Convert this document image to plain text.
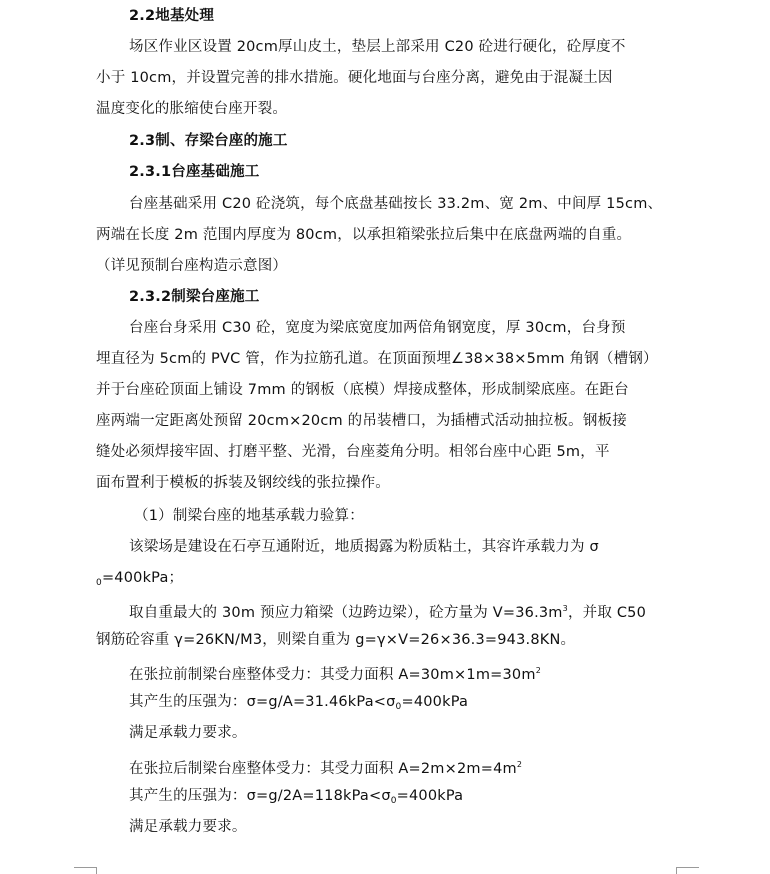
2.2地基处理
场区作业区设置 20cm厚山皮土，垫层上部采用 C20 砼进行硬化，砼厚度不
小于 10cm，并设置完善的排水措施。硬化地面与台座分离，避免由于混凝土因
温度变化的胀缩使台座开裂。
2.3制、存梁台座的施工
2.3.1台座基础施工
台座基础采用 C20 砼浇筑，每个底盘基础按长 33.2m、宽 2m、中间厚 15cm、
两端在长度 2m 范围内厚度为 80cm，以承担箱梁张拉后集中在底盘两端的自重。
（详见预制台座构造示意图）
2.3.2制梁台座施工
台座台身采用 C30 砼，宽度为梁底宽度加两倍角钢宽度，厚 30cm，台身预
埋直径为 5cm的 PVC 管，作为拉筋孔道。在顶面预埋∠38×38×5mm 角钢（槽钢）
并于台座砼顶面上铺设 7mm 的钢板（底模）焊接成整体，形成制梁底座。在距台
座两端一定距离处预留 20cm×20cm 的吊装槽口，为插槽式活动抽拉板。钢板接
缝处必须焊接牢固、打磨平整、光滑，台座菱角分明。相邻台座中心距 5m，平
面布置利于模板的拆装及钢绞线的张拉操作。
（1）制梁台座的地基承载力验算：
该梁场是建设在石亭互通附近，地质揭露为粉质粘土，其容许承载力为 σ
$_0$=400kPa；
取自重最大的 30m 预应力箱梁（边跨边梁），砼方量为 $V=36.3m^3$，并取 C50
钢筋砼容重 γ=26KN/M3，则梁自重为 g=γ×V=26×36.3=943.8KN。
在张拉前制梁台座整体受力：其受力面积 $A=30m\times 1m=30m^2$
其产生的压强为：$\sigma=g/A=31.46kPa<\sigma_0=400kPa$
满足承载力要求。
在张拉后制梁台座整体受力：其受力面积 $A=2m\times 2m=4m^2$
其产生的压强为：$\sigma=g/2A=118kPa<\sigma_0=400kPa$
满足承载力要求。
